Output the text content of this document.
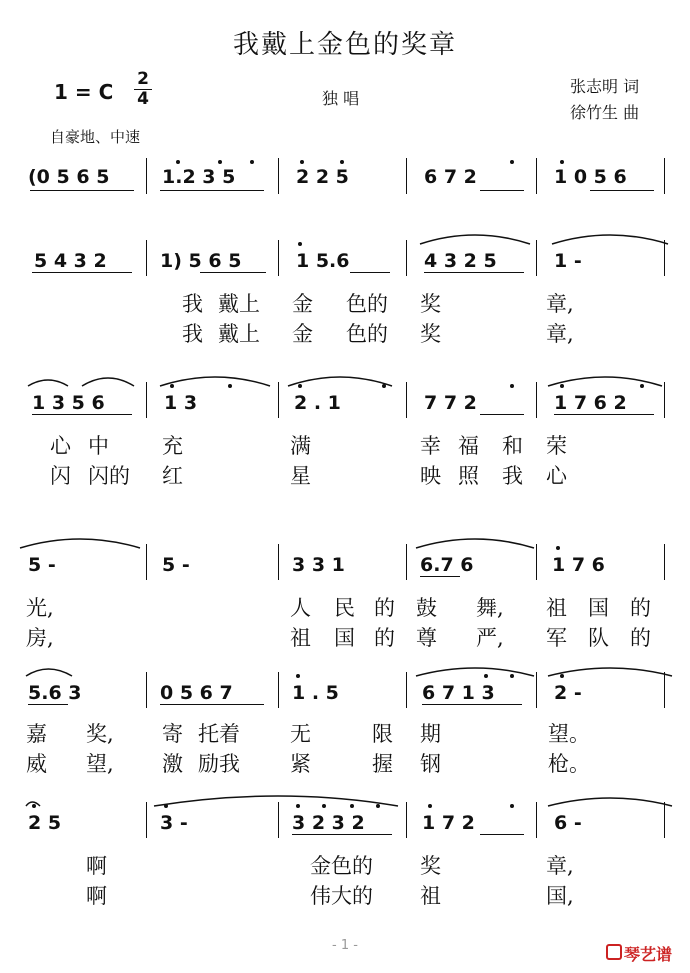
我戴上金色的奖章
1 = C
2
4	独 唱
张志明 词
徐竹生 曲
自豪地、中速
(0 5 6 5	1.2 3 5	2 2 5	6 7 2	1 0 5 6
5 4 3 2	1) 5 6 5	1 5.6	4 3 2 5	1 -
我 戴上 金 色的 奖	章,
我 戴上 金 色的 奖	章,
1 3 5 6	1 3	2 . 1	7 7 2	1 7 6 2
心 中	充	满	幸 福 和 荣
闪 闪的 红	星	映 照 我 心
5 -	5 -	3 3 1	6.7 6	1 7 6
光,	人 民 的 鼓 舞, 祖 国 的
房,	祖 国 的 尊 严, 军 队 的
5.6 3	0 5 6 7	1 . 5	6 7 1 3	2 -
嘉 奖, 寄 托着 无	限 期	望。
威 望, 激 励我 紧	握 钢	枪。
2 5	3 -	3 2 3 2	1 7 2	6 -
啊	金色的 奖	章,
啊	伟大的 祖	国,
- 1 -	琴艺谱
